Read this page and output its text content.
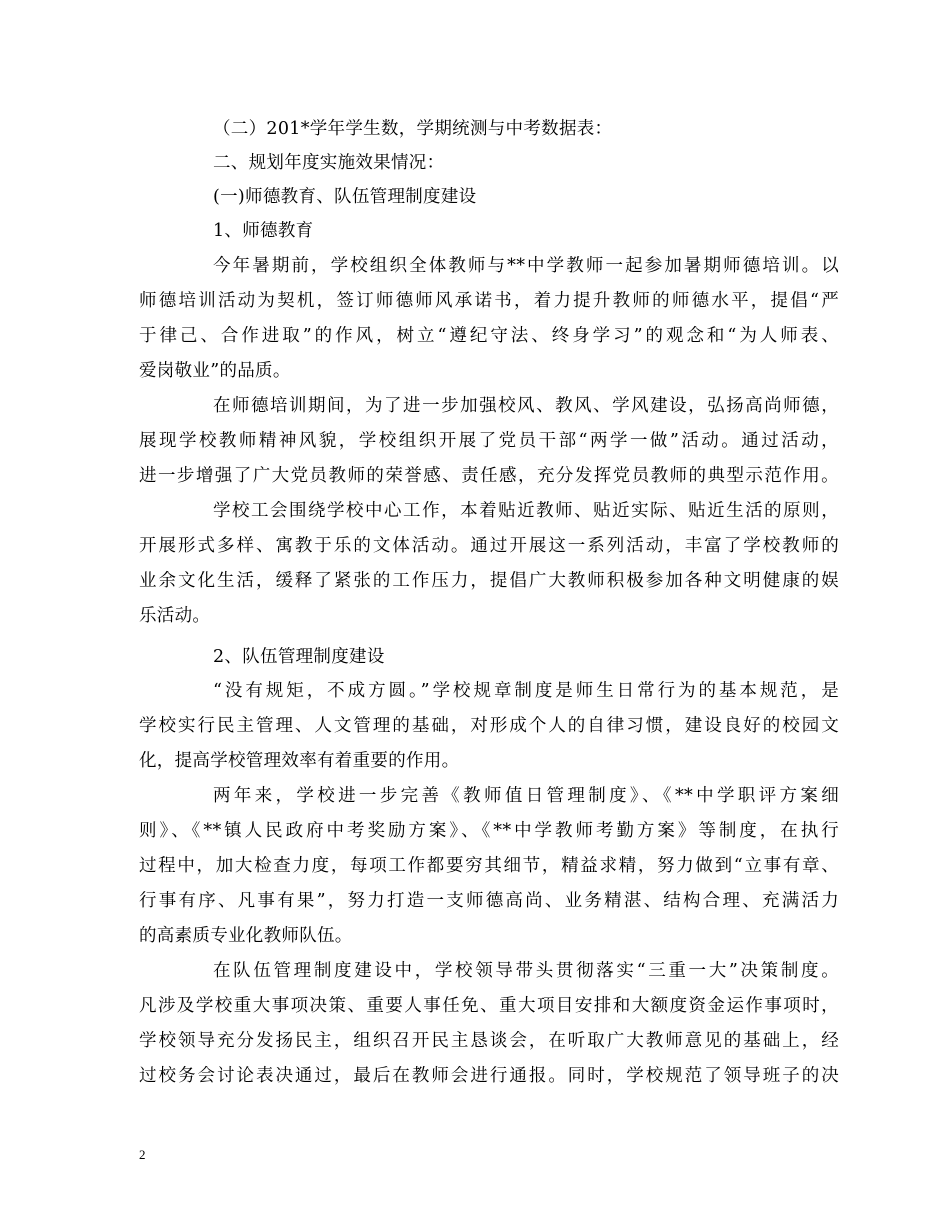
（二）201*学年学生数，学期统测与中考数据表：
二、规划年度实施效果情况：
(一)师德教育、队伍管理制度建设
1、师德教育
今年暑期前，学校组织全体教师与**中学教师一起参加暑期师德培训。以
师德培训活动为契机，签订师德师风承诺书，着力提升教师的师德水平，提倡“严
于律己、合作进取”的作风，树立“遵纪守法、终身学习”的观念和“为人师表、
爱岗敬业”的品质。
在师德培训期间，为了进一步加强校风、教风、学风建设，弘扬高尚师德，
展现学校教师精神风貌，学校组织开展了党员干部“两学一做”活动。通过活动，
进一步增强了广大党员教师的荣誉感、责任感，充分发挥党员教师的典型示范作用。
学校工会围绕学校中心工作，本着贴近教师、贴近实际、贴近生活的原则，
开展形式多样、寓教于乐的文体活动。通过开展这一系列活动，丰富了学校教师的
业余文化生活，缓释了紧张的工作压力，提倡广大教师积极参加各种文明健康的娱
乐活动。
2、队伍管理制度建设
“没有规矩，不成方圆。”学校规章制度是师生日常行为的基本规范，是
学校实行民主管理、人文管理的基础，对形成个人的自律习惯，建设良好的校园文
化，提高学校管理效率有着重要的作用。
两年来，学校进一步完善《教师值日管理制度》、《**中学职评方案细
则》、《**镇人民政府中考奖励方案》、《**中学教师考勤方案》等制度，在执行
过程中，加大检查力度，每项工作都要穷其细节，精益求精，努力做到“立事有章、
行事有序、凡事有果”，努力打造一支师德高尚、业务精湛、结构合理、充满活力
的高素质专业化教师队伍。
在队伍管理制度建设中，学校领导带头贯彻落实“三重一大”决策制度。
凡涉及学校重大事项决策、重要人事任免、重大项目安排和大额度资金运作事项时，
学校领导充分发扬民主，组织召开民主恳谈会，在听取广大教师意见的基础上，经
过校务会讨论表决通过，最后在教师会进行通报。同时，学校规范了领导班子的决
2
